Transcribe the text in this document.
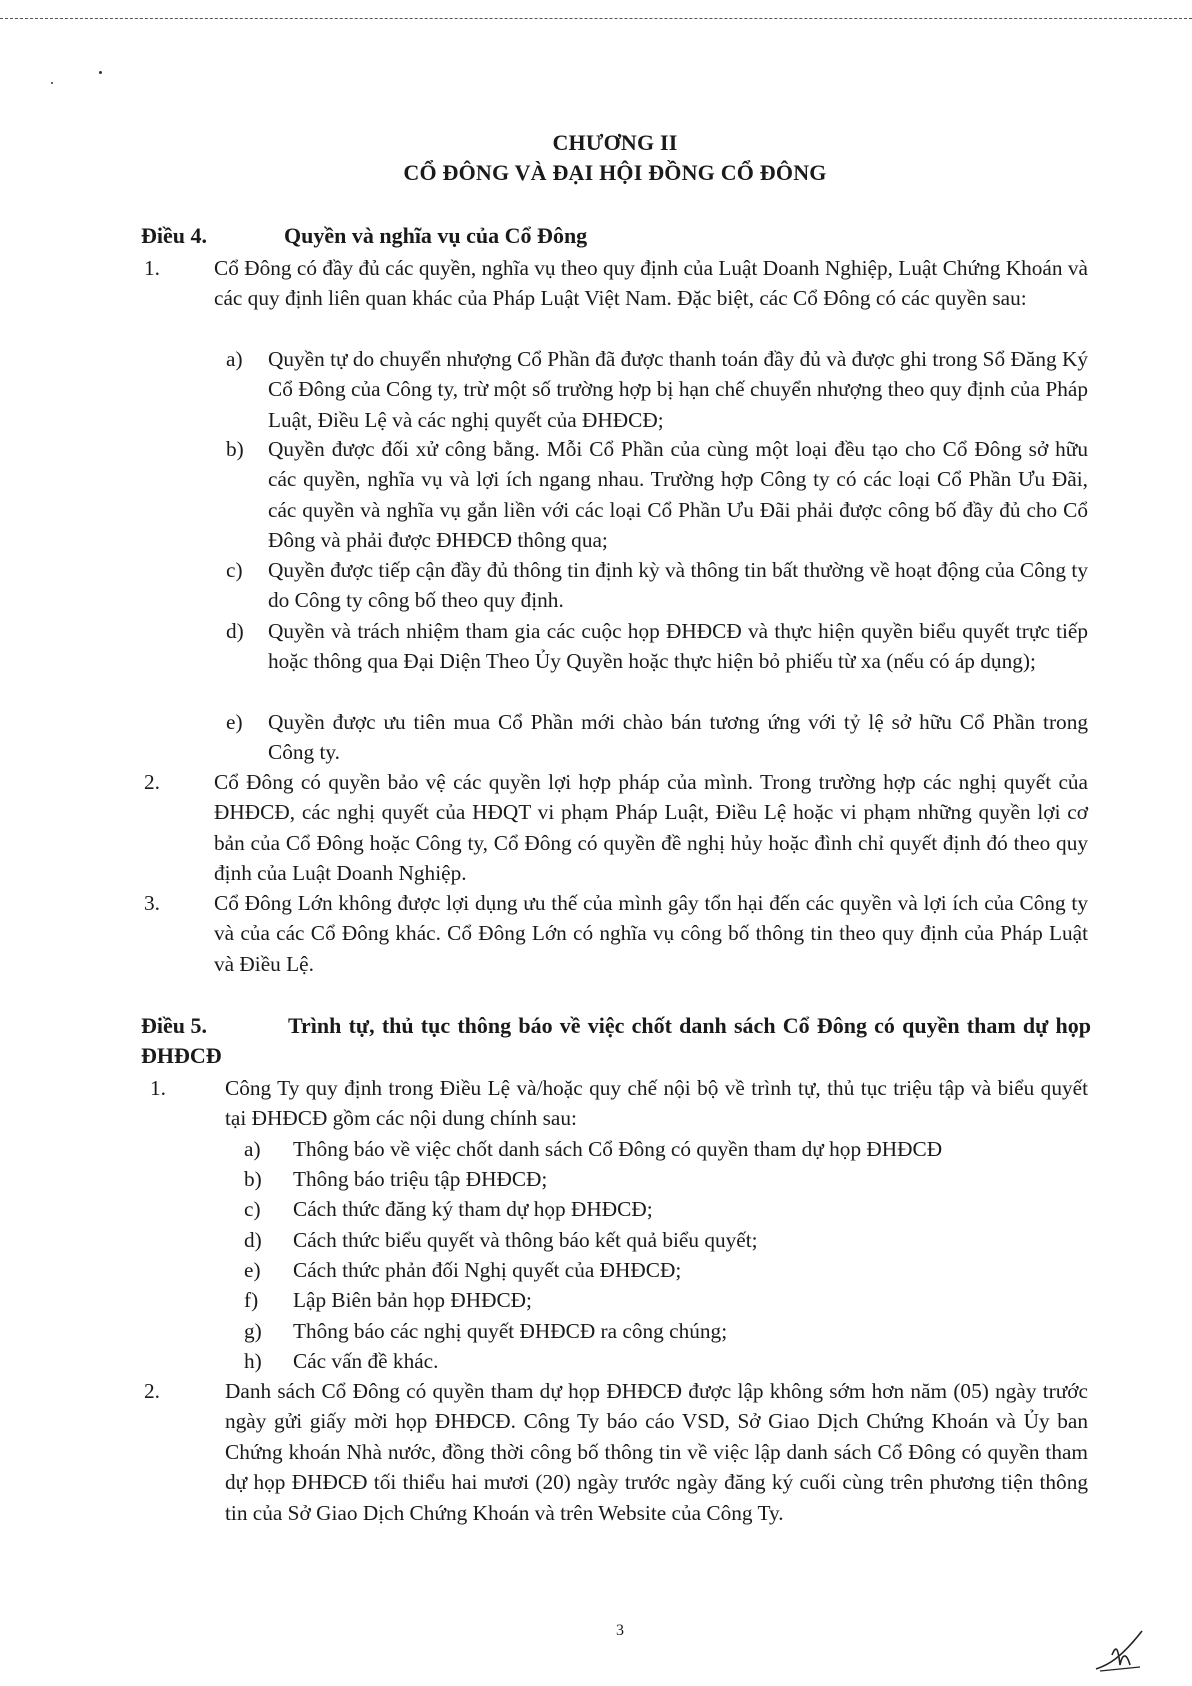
CHƯƠNG II
CỔ ĐÔNG VÀ ĐẠI HỘI ĐỒNG CỔ ĐÔNG
Điều 4.	Quyền và nghĩa vụ của Cổ Đông
1.	Cổ Đông có đầy đủ các quyền, nghĩa vụ theo quy định của Luật Doanh Nghiệp, Luật Chứng Khoán và các quy định liên quan khác của Pháp Luật Việt Nam. Đặc biệt, các Cổ Đông có các quyền sau:

a) Quyền tự do chuyển nhượng Cổ Phần đã được thanh toán đầy đủ và được ghi trong Sổ Đăng Ký Cổ Đông của Công ty, trừ một số trường hợp bị hạn chế chuyển nhượng theo quy định của Pháp Luật, Điều Lệ và các nghị quyết của ĐHĐCĐ;

b) Quyền được đối xử công bằng. Mỗi Cổ Phần của cùng một loại đều tạo cho Cổ Đông sở hữu các quyền, nghĩa vụ và lợi ích ngang nhau. Trường hợp Công ty có các loại Cổ Phần Ưu Đãi, các quyền và nghĩa vụ gắn liền với các loại Cổ Phần Ưu Đãi phải được công bố đầy đủ cho Cổ Đông và phải được ĐHĐCĐ thông qua;

c) Quyền được tiếp cận đầy đủ thông tin định kỳ và thông tin bất thường về hoạt động của Công ty do Công ty công bố theo quy định.

d) Quyền và trách nhiệm tham gia các cuộc họp ĐHĐCĐ và thực hiện quyền biểu quyết trực tiếp hoặc thông qua Đại Diện Theo Ủy Quyền hoặc thực hiện bỏ phiếu từ xa (nếu có áp dụng);

e) Quyền được ưu tiên mua Cổ Phần mới chào bán tương ứng với tỷ lệ sở hữu Cổ Phần trong Công ty.

2.	Cổ Đông có quyền bảo vệ các quyền lợi hợp pháp của mình. Trong trường hợp các nghị quyết của ĐHĐCĐ, các nghị quyết của HĐQT vi phạm Pháp Luật, Điều Lệ hoặc vi phạm những quyền lợi cơ bản của Cổ Đông hoặc Công ty, Cổ Đông có quyền đề nghị hủy hoặc đình chỉ quyết định đó theo quy định của Luật Doanh Nghiệp.

3.	Cổ Đông Lớn không được lợi dụng ưu thế của mình gây tổn hại đến các quyền và lợi ích của Công ty và của các Cổ Đông khác. Cổ Đông Lớn có nghĩa vụ công bố thông tin theo quy định của Pháp Luật và Điều Lệ.

Điều 5.	Trình tự, thủ tục thông báo về việc chốt danh sách Cổ Đông có quyền tham dự họp ĐHĐCĐ
1.	Công Ty quy định trong Điều Lệ và/hoặc quy chế nội bộ về trình tự, thủ tục triệu tập và biểu quyết tại ĐHĐCĐ gồm các nội dung chính sau:

a) Thông báo về việc chốt danh sách Cổ Đông có quyền tham dự họp ĐHĐCĐ

b) Thông báo triệu tập ĐHĐCĐ;

c) Cách thức đăng ký tham dự họp ĐHĐCĐ;

d) Cách thức biểu quyết và thông báo kết quả biểu quyết;

e) Cách thức phản đối Nghị quyết của ĐHĐCĐ;

f) Lập Biên bản họp ĐHĐCĐ;

g) Thông báo các nghị quyết ĐHĐCĐ ra công chúng;

h) Các vấn đề khác.

2.	Danh sách Cổ Đông có quyền tham dự họp ĐHĐCĐ được lập không sớm hơn năm (05) ngày trước ngày gửi giấy mời họp ĐHĐCĐ. Công Ty báo cáo VSD, Sở Giao Dịch Chứng Khoán và Ủy ban Chứng khoán Nhà nước, đồng thời công bố thông tin về việc lập danh sách Cổ Đông có quyền tham dự họp ĐHĐCĐ tối thiểu hai mươi (20) ngày trước ngày đăng ký cuối cùng trên phương tiện thông tin của Sở Giao Dịch Chứng Khoán và trên Website của Công Ty.

3
